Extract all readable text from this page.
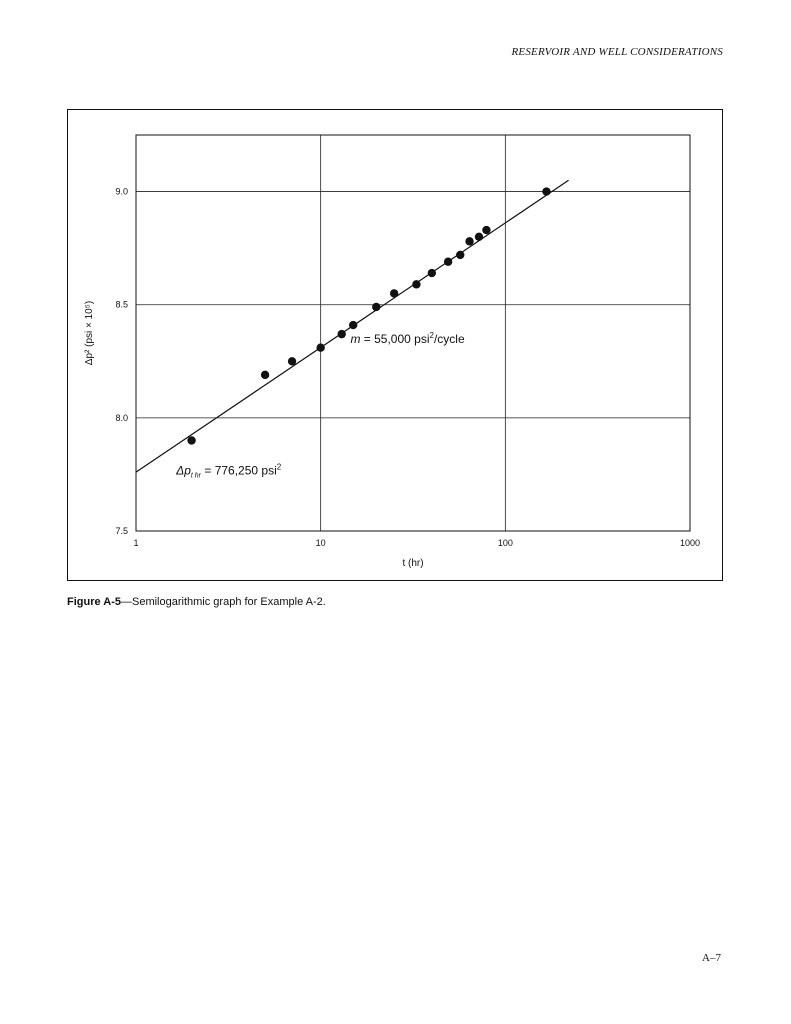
RESERVOIR AND WELL CONSIDERATIONS
1	10	100	1000
7.5
8.0
8.5
9.0
t (hr)
Δp² (psi × 10⁵)	m = 55,000 psi$^2$/cycle
$\Delta p_{t hr} = 776,250$ psi$^2$
Figure A-5—Semilogarithmic graph for Example A-2.
A–7
